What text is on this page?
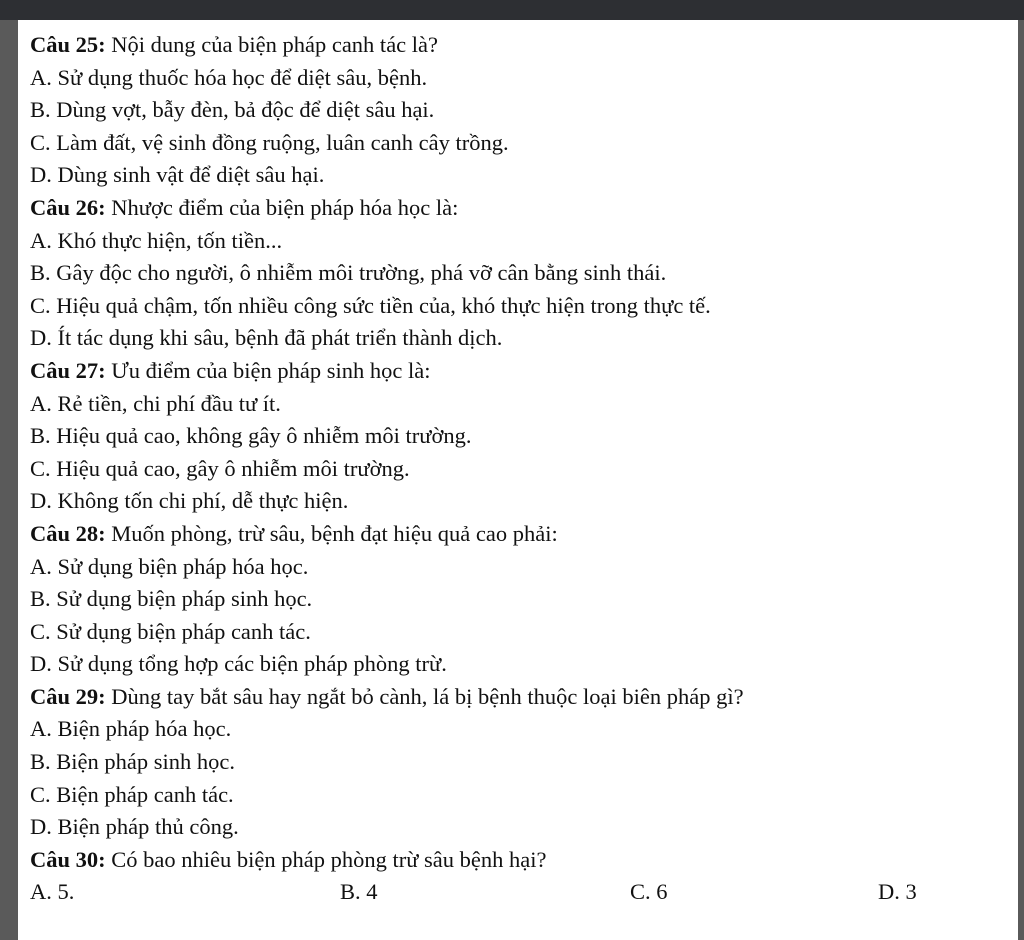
Câu 25: Nội dung của biện pháp canh tác là?
A. Sử dụng thuốc hóa học để diệt sâu, bệnh.
B. Dùng vợt, bẫy đèn, bả độc để diệt sâu hại.
C. Làm đất, vệ sinh đồng ruộng, luân canh cây trồng.
D. Dùng sinh vật để diệt sâu hại.
Câu 26: Nhược điểm của biện pháp hóa học là:
A. Khó thực hiện, tốn tiền...
B. Gây độc cho người, ô nhiễm môi trường, phá vỡ cân bằng sinh thái.
C. Hiệu quả chậm, tốn nhiều công sức tiền của, khó thực hiện trong thực tế.
D. Ít tác dụng khi sâu, bệnh đã phát triển thành dịch.
Câu 27: Ưu điểm của biện pháp sinh học là:
A. Rẻ tiền, chi phí đầu tư ít.
B. Hiệu quả cao, không gây ô nhiễm môi trường.
C. Hiệu quả cao, gây ô nhiễm môi trường.
D. Không tốn chi phí, dễ thực hiện.
Câu 28: Muốn phòng, trừ sâu, bệnh đạt hiệu quả cao phải:
A. Sử dụng biện pháp hóa học.
B. Sử dụng biện pháp sinh học.
C. Sử dụng biện pháp canh tác.
D. Sử dụng tổng hợp các biện pháp phòng trừ.
Câu 29: Dùng tay bắt sâu hay ngắt bỏ cành, lá bị bệnh thuộc loại biên pháp gì?
A. Biện pháp hóa học.
B. Biện pháp sinh học.
C. Biện pháp canh tác.
D. Biện pháp thủ công.
Câu 30: Có bao nhiêu biện pháp phòng trừ sâu bệnh hại?
A. 5.	B. 4	C. 6	D. 3
